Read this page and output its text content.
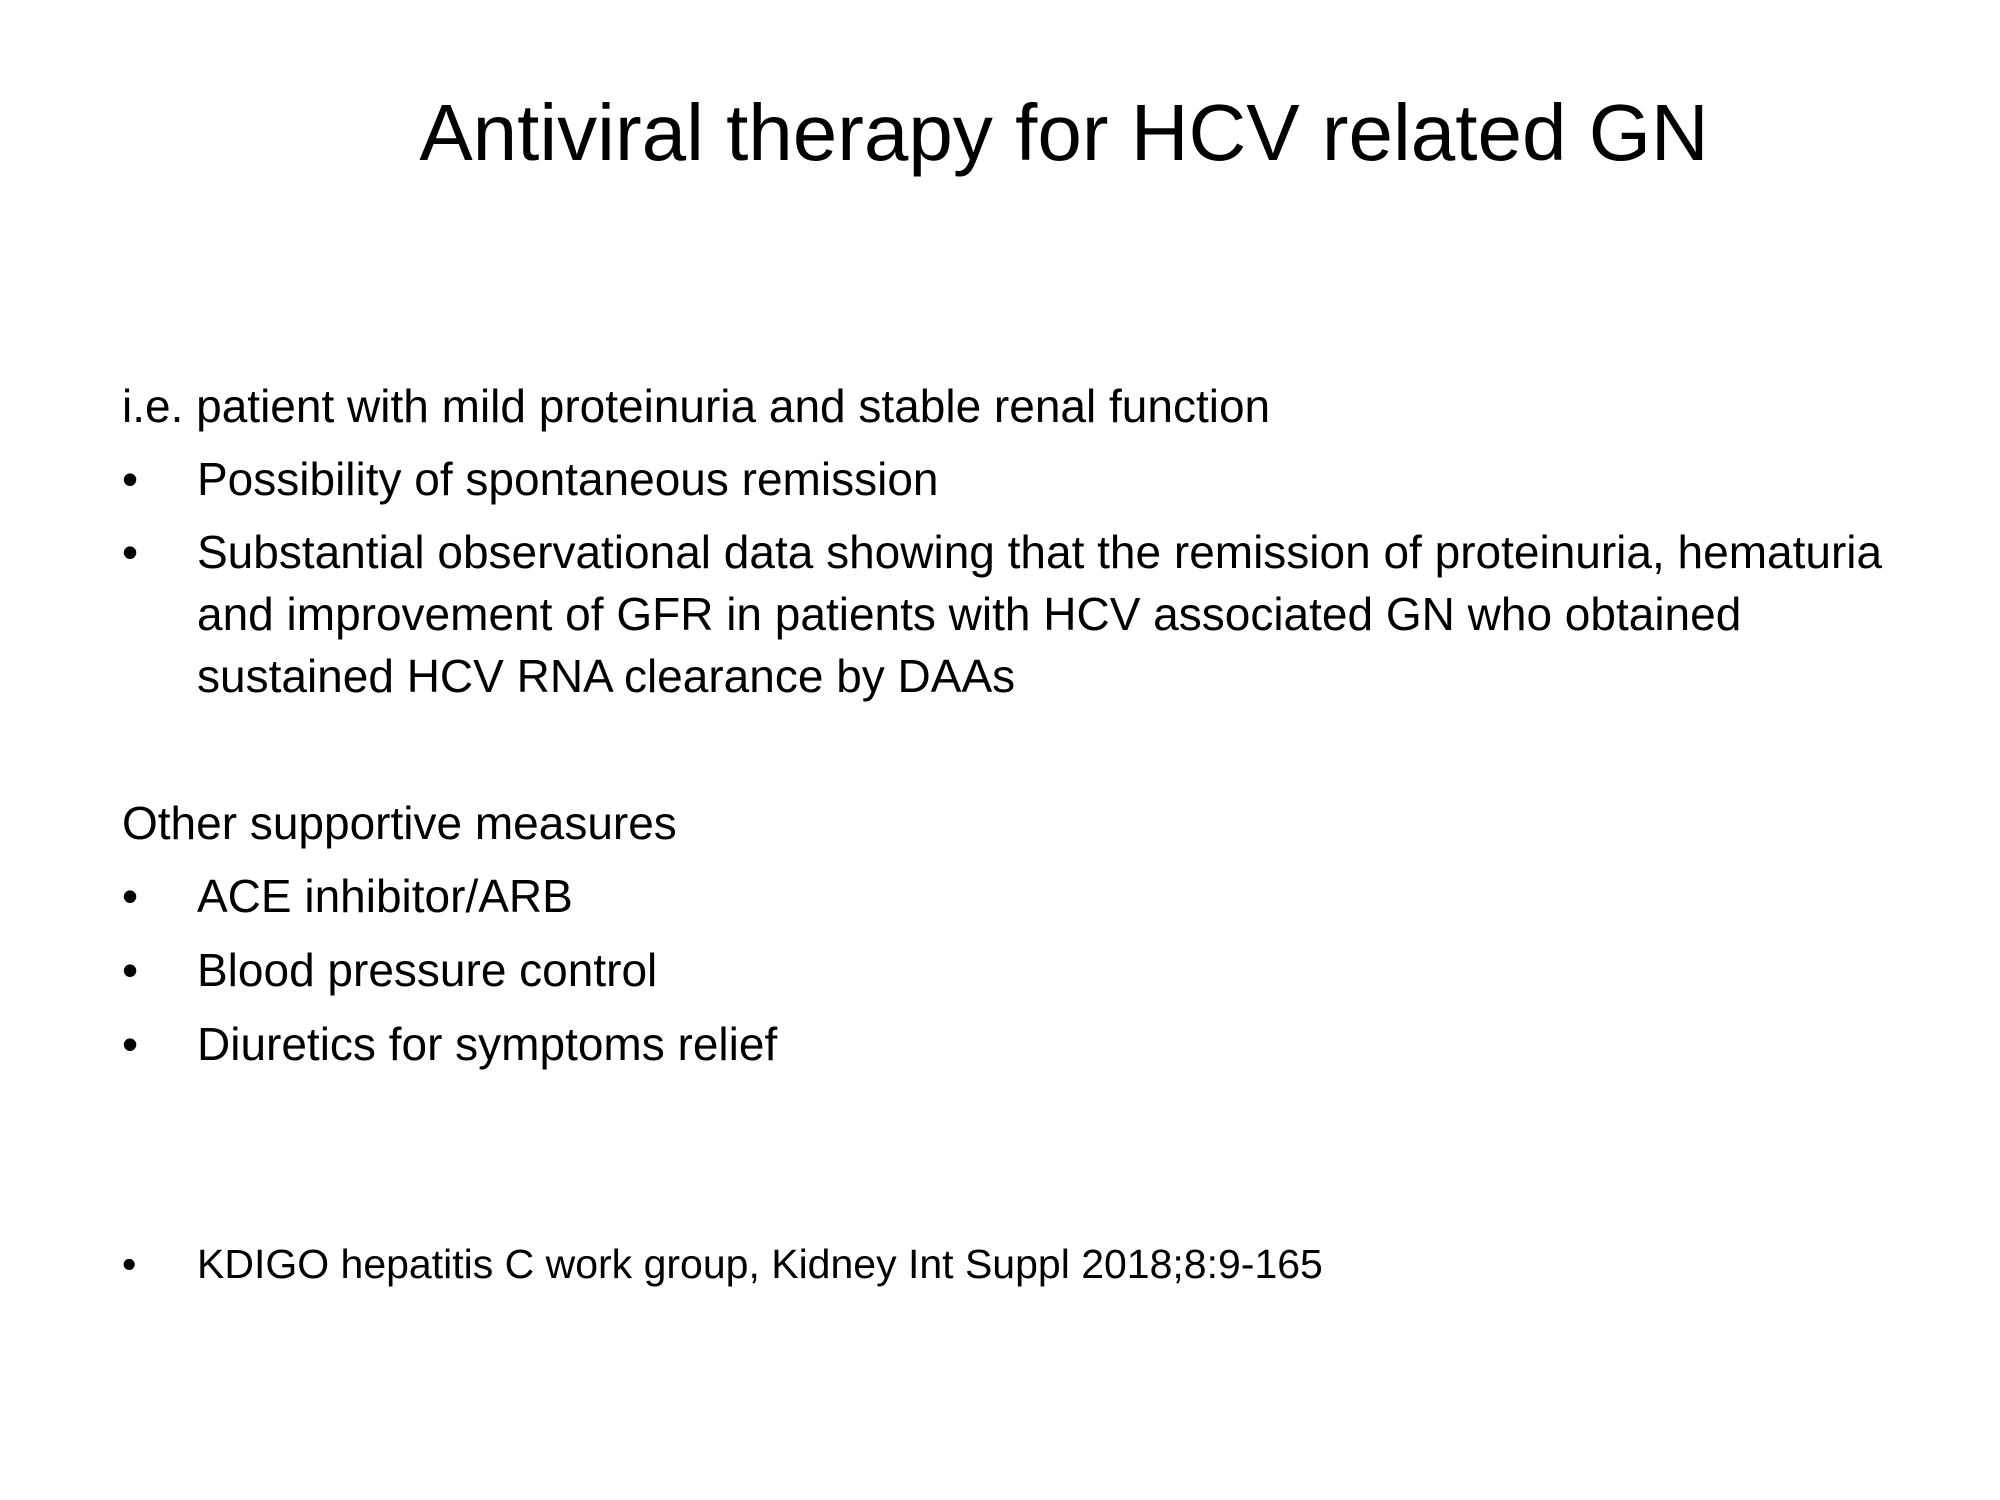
Antiviral therapy for HCV related GN
i.e. patient with mild proteinuria and stable renal function
•	Possibility of spontaneous remission
•	Substantial observational data showing that the remission of proteinuria, hematuria and improvement of GFR in patients with HCV associated GN who obtained sustained HCV RNA clearance by DAAs
Other supportive measures
•	ACE inhibitor/ARB
•	Blood pressure control
•	Diuretics for symptoms relief
•	KDIGO hepatitis C work group, Kidney Int Suppl 2018;8:9-165
